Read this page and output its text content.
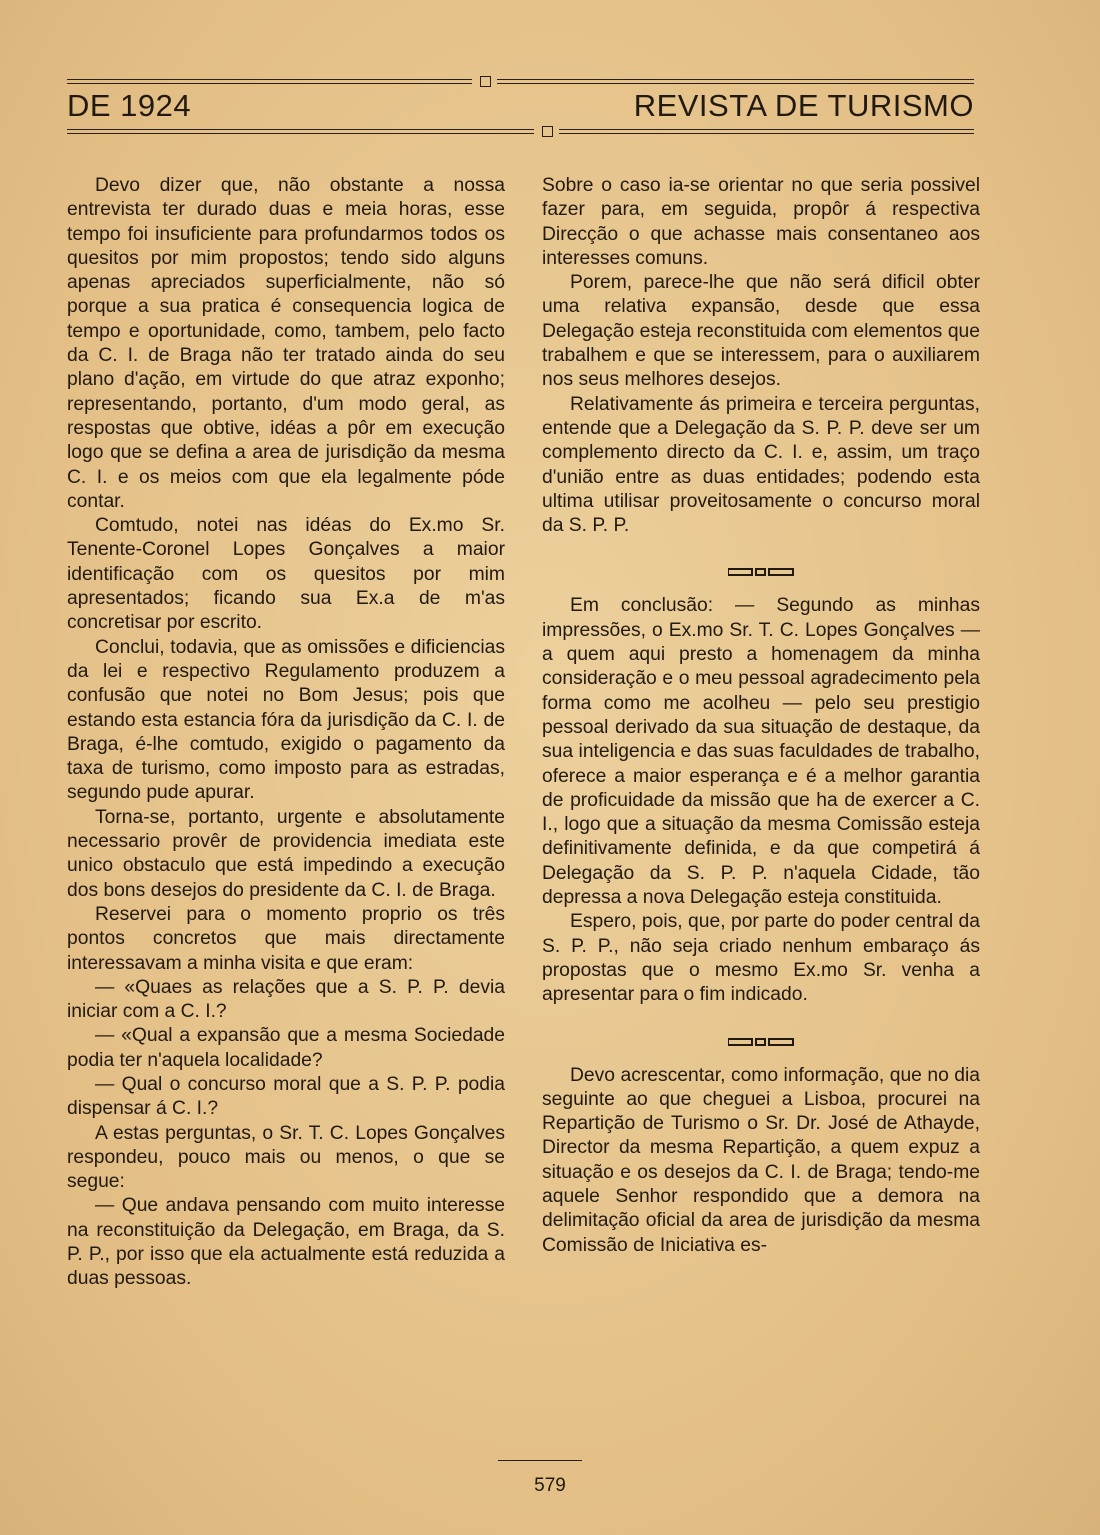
DE 1924	REVISTA DE TURISMO

Devo dizer que, não obstante a nossa entrevista ter durado duas e meia horas, esse tempo foi insuficiente para profundarmos todos os quesitos por mim propostos; tendo sido alguns apenas apreciados superficialmente, não só porque a sua pratica é consequencia logica de tempo e oportunidade, como, tambem, pelo facto da C. I. de Braga não ter tratado ainda do seu plano d'ação, em virtude do que atraz exponho; representando, portanto, d'um modo geral, as respostas que obtive, idéas a pôr em execução logo que se defina a area de jurisdição da mesma C. I. e os meios com que ela legalmente póde contar.

Comtudo, notei nas idéas do Ex.mo Sr. Tenente-Coronel Lopes Gonçalves a maior identificação com os quesitos por mim apresentados; ficando sua Ex.a de m'as concretisar por escrito.

Conclui, todavia, que as omissões e dificiencias da lei e respectivo Regulamento produzem a confusão que notei no Bom Jesus; pois que estando esta estancia fóra da jurisdição da C. I. de Braga, é-lhe comtudo, exigido o pagamento da taxa de turismo, como imposto para as estradas, segundo pude apurar.

Torna-se, portanto, urgente e absolutamente necessario provêr de providencia imediata este unico obstaculo que está impedindo a execução dos bons desejos do presidente da C. I. de Braga.

Reservei para o momento proprio os três pontos concretos que mais directamente interessavam a minha visita e que eram:

— «Quaes as relações que a S. P. P. devia iniciar com a C. I.?

— «Qual a expansão que a mesma Sociedade podia ter n'aquela localidade?

— Qual o concurso moral que a S. P. P. podia dispensar á C. I.?

A estas perguntas, o Sr. T. C. Lopes Gonçalves respondeu, pouco mais ou menos, o que se segue:

— Que andava pensando com muito interesse na reconstituição da Delegação, em Braga, da S. P. P., por isso que ela actualmente está reduzida a duas pessoas.

Sobre o caso ia-se orientar no que seria possivel fazer para, em seguida, propôr á respectiva Direcção o que achasse mais consentaneo aos interesses comuns.

Porem, parece-lhe que não será dificil obter uma relativa expansão, desde que essa Delegação esteja reconstituida com elementos que trabalhem e que se interessem, para o auxiliarem nos seus melhores desejos.

Relativamente ás primeira e terceira perguntas, entende que a Delegação da S. P. P. deve ser um complemento directo da C. I. e, assim, um traço d'união entre as duas entidades; podendo esta ultima utilisar proveitosamente o concurso moral da S. P. P.

Em conclusão: — Segundo as minhas impressões, o Ex.mo Sr. T. C. Lopes Gonçalves — a quem aqui presto a homenagem da minha consideração e o meu pessoal agradecimento pela forma como me acolheu — pelo seu prestigio pessoal derivado da sua situação de destaque, da sua inteligencia e das suas faculdades de trabalho, oferece a maior esperança e é a melhor garantia de proficuidade da missão que ha de exercer a C. I., logo que a situação da mesma Comissão esteja definitivamente definida, e da que competirá á Delegação da S. P. P. n'aquela Cidade, tão depressa a nova Delegação esteja constituida.

Espero, pois, que, por parte do poder central da S. P. P., não seja criado nenhum embaraço ás propostas que o mesmo Ex.mo Sr. venha a apresentar para o fim indicado.

Devo acrescentar, como informação, que no dia seguinte ao que cheguei a Lisboa, procurei na Repartição de Turismo o Sr. Dr. José de Athayde, Director da mesma Repartição, a quem expuz a situação e os desejos da C. I. de Braga; tendo-me aquele Senhor respondido que a demora na delimitação oficial da area de jurisdição da mesma Comissão de Iniciativa es-

579
